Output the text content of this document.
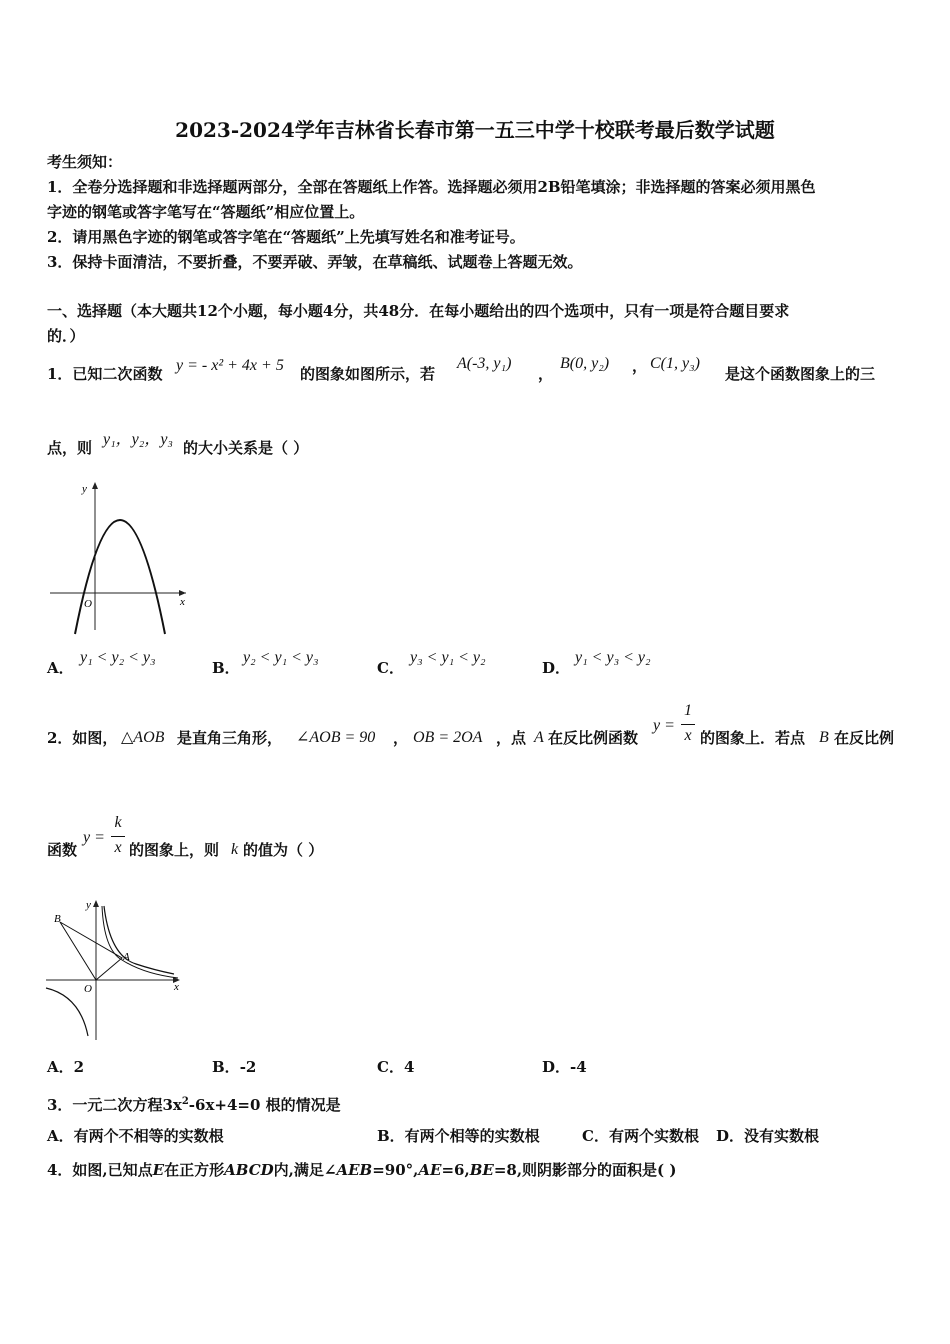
2023-2024学年吉林省长春市第一五三中学十校联考最后数学试题
考生须知：
1．全卷分选择题和非选择题两部分，全部在答题纸上作答。选择题必须用2B铅笔填涂；非选择题的答案必须用黑色
字迹的钢笔或答字笔写在“答题纸”相应位置上。
2．请用黑色字迹的钢笔或答字笔在“答题纸”上先填写姓名和准考证号。
3．保持卡面清洁，不要折叠，不要弄破、弄皱，在草稿纸、试题卷上答题无效。
一、选择题（本大题共12个小题，每小题4分，共48分．在每小题给出的四个选项中，只有一项是符合题目要求
的．）
1．已知二次函数 y = - x² + 4x + 5 的图象如图所示，若
A(-3, y₁)
，
B(0, y₂) ， C(1, y₃)
是这个函数图象上的三
点，则 y₁，y₂，y₃ 的大小关系是（ ）
y
x
O
A．
y₁ < y₂ < y₃
B．
y₂ < y₁ < y₃
C．
y₃ < y₁ < y₂
D．
y₁ < y₃ < y₂
2．如图， △AOB 是直角三角形， ∠AOB = 90 ， OB = 2OA ，点 A 在反比例函数
y =
1
x 的图象上．若点 B 在反比例
函数
y =
k
x 的图象上，则 k 的值为（ ）
B
A
y
x
O
A．2	B．-2	C．4	D．-4
3．一元二次方程$3x^2-6x+4=0$ 根的情况是
A．有两个不相等的实数根	B．有两个相等的实数根	C．有两个实数根 D．没有实数根
4．如图,已知点E在正方形ABCD内,满足∠AEB=90°,AE=6,BE=8,则阴影部分的面积是( )
